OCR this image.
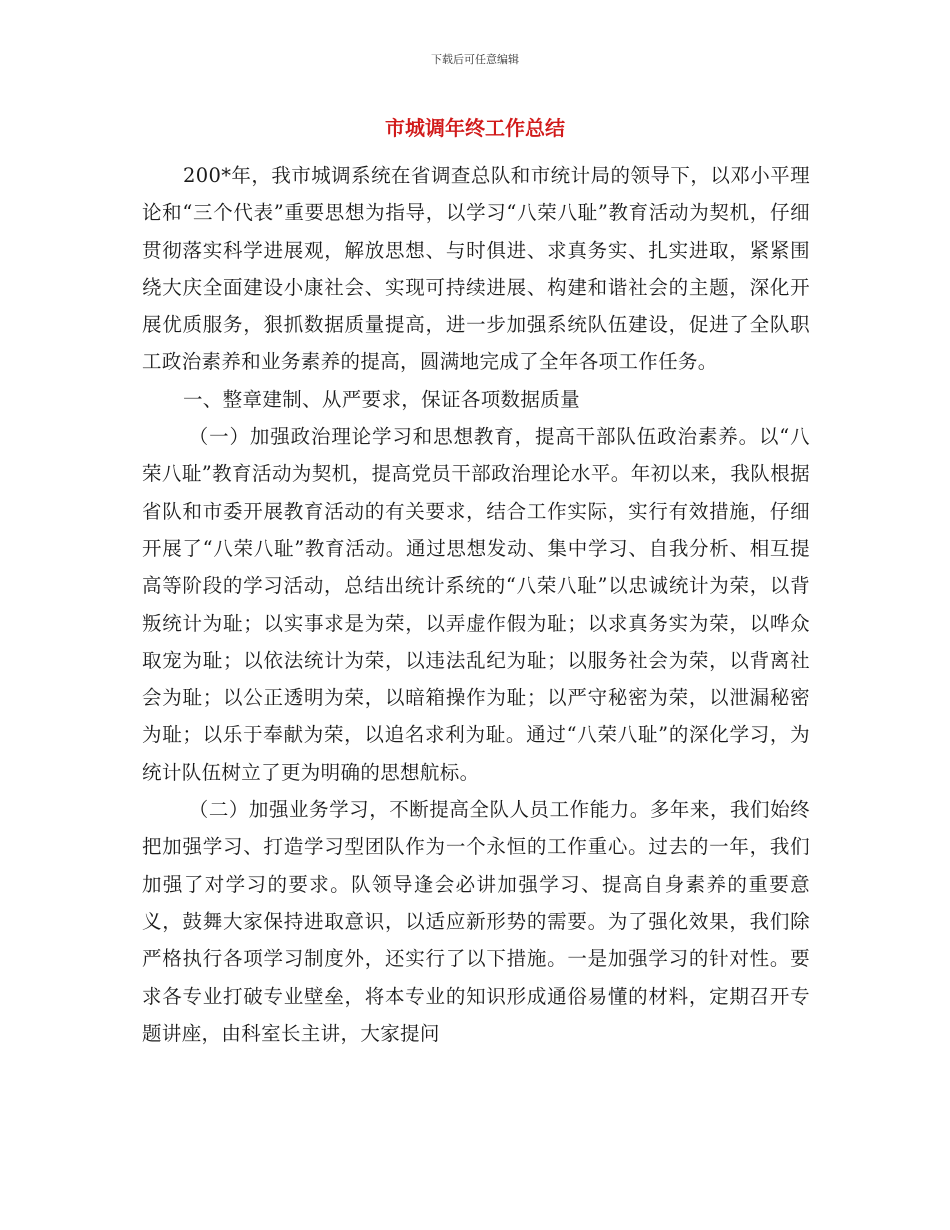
下载后可任意编辑
市城调年终工作总结

200*年，我市城调系统在省调查总队和市统计局的领导下，以邓小平理论和“三个代表”重要思想为指导，以学习“八荣八耻”教育活动为契机，仔细贯彻落实科学进展观，解放思想、与时俱进、求真务实、扎实进取，紧紧围绕大庆全面建设小康社会、实现可持续进展、构建和谐社会的主题，深化开展优质服务，狠抓数据质量提高，进一步加强系统队伍建设，促进了全队职工政治素养和业务素养的提高，圆满地完成了全年各项工作任务。

一、整章建制、从严要求，保证各项数据质量

（一）加强政治理论学习和思想教育，提高干部队伍政治素养。以“八荣八耻”教育活动为契机，提高党员干部政治理论水平。年初以来，我队根据省队和市委开展教育活动的有关要求，结合工作实际，实行有效措施，仔细开展了“八荣八耻”教育活动。通过思想发动、集中学习、自我分析、相互提高等阶段的学习活动，总结出统计系统的“八荣八耻”以忠诚统计为荣，以背叛统计为耻；以实事求是为荣，以弄虚作假为耻；以求真务实为荣，以哗众取宠为耻；以依法统计为荣，以违法乱纪为耻；以服务社会为荣，以背离社会为耻；以公正透明为荣，以暗箱操作为耻；以严守秘密为荣，以泄漏秘密为耻；以乐于奉献为荣，以追名求利为耻。通过“八荣八耻”的深化学习，为统计队伍树立了更为明确的思想航标。

（二）加强业务学习，不断提高全队人员工作能力。多年来，我们始终把加强学习、打造学习型团队作为一个永恒的工作重心。过去的一年，我们加强了对学习的要求。队领导逢会必讲加强学习、提高自身素养的重要意义，鼓舞大家保持进取意识，以适应新形势的需要。为了强化效果，我们除严格执行各项学习制度外，还实行了以下措施。一是加强学习的针对性。要求各专业打破专业壁垒，将本专业的知识形成通俗易懂的材料，定期召开专题讲座，由科室长主讲，大家提问
